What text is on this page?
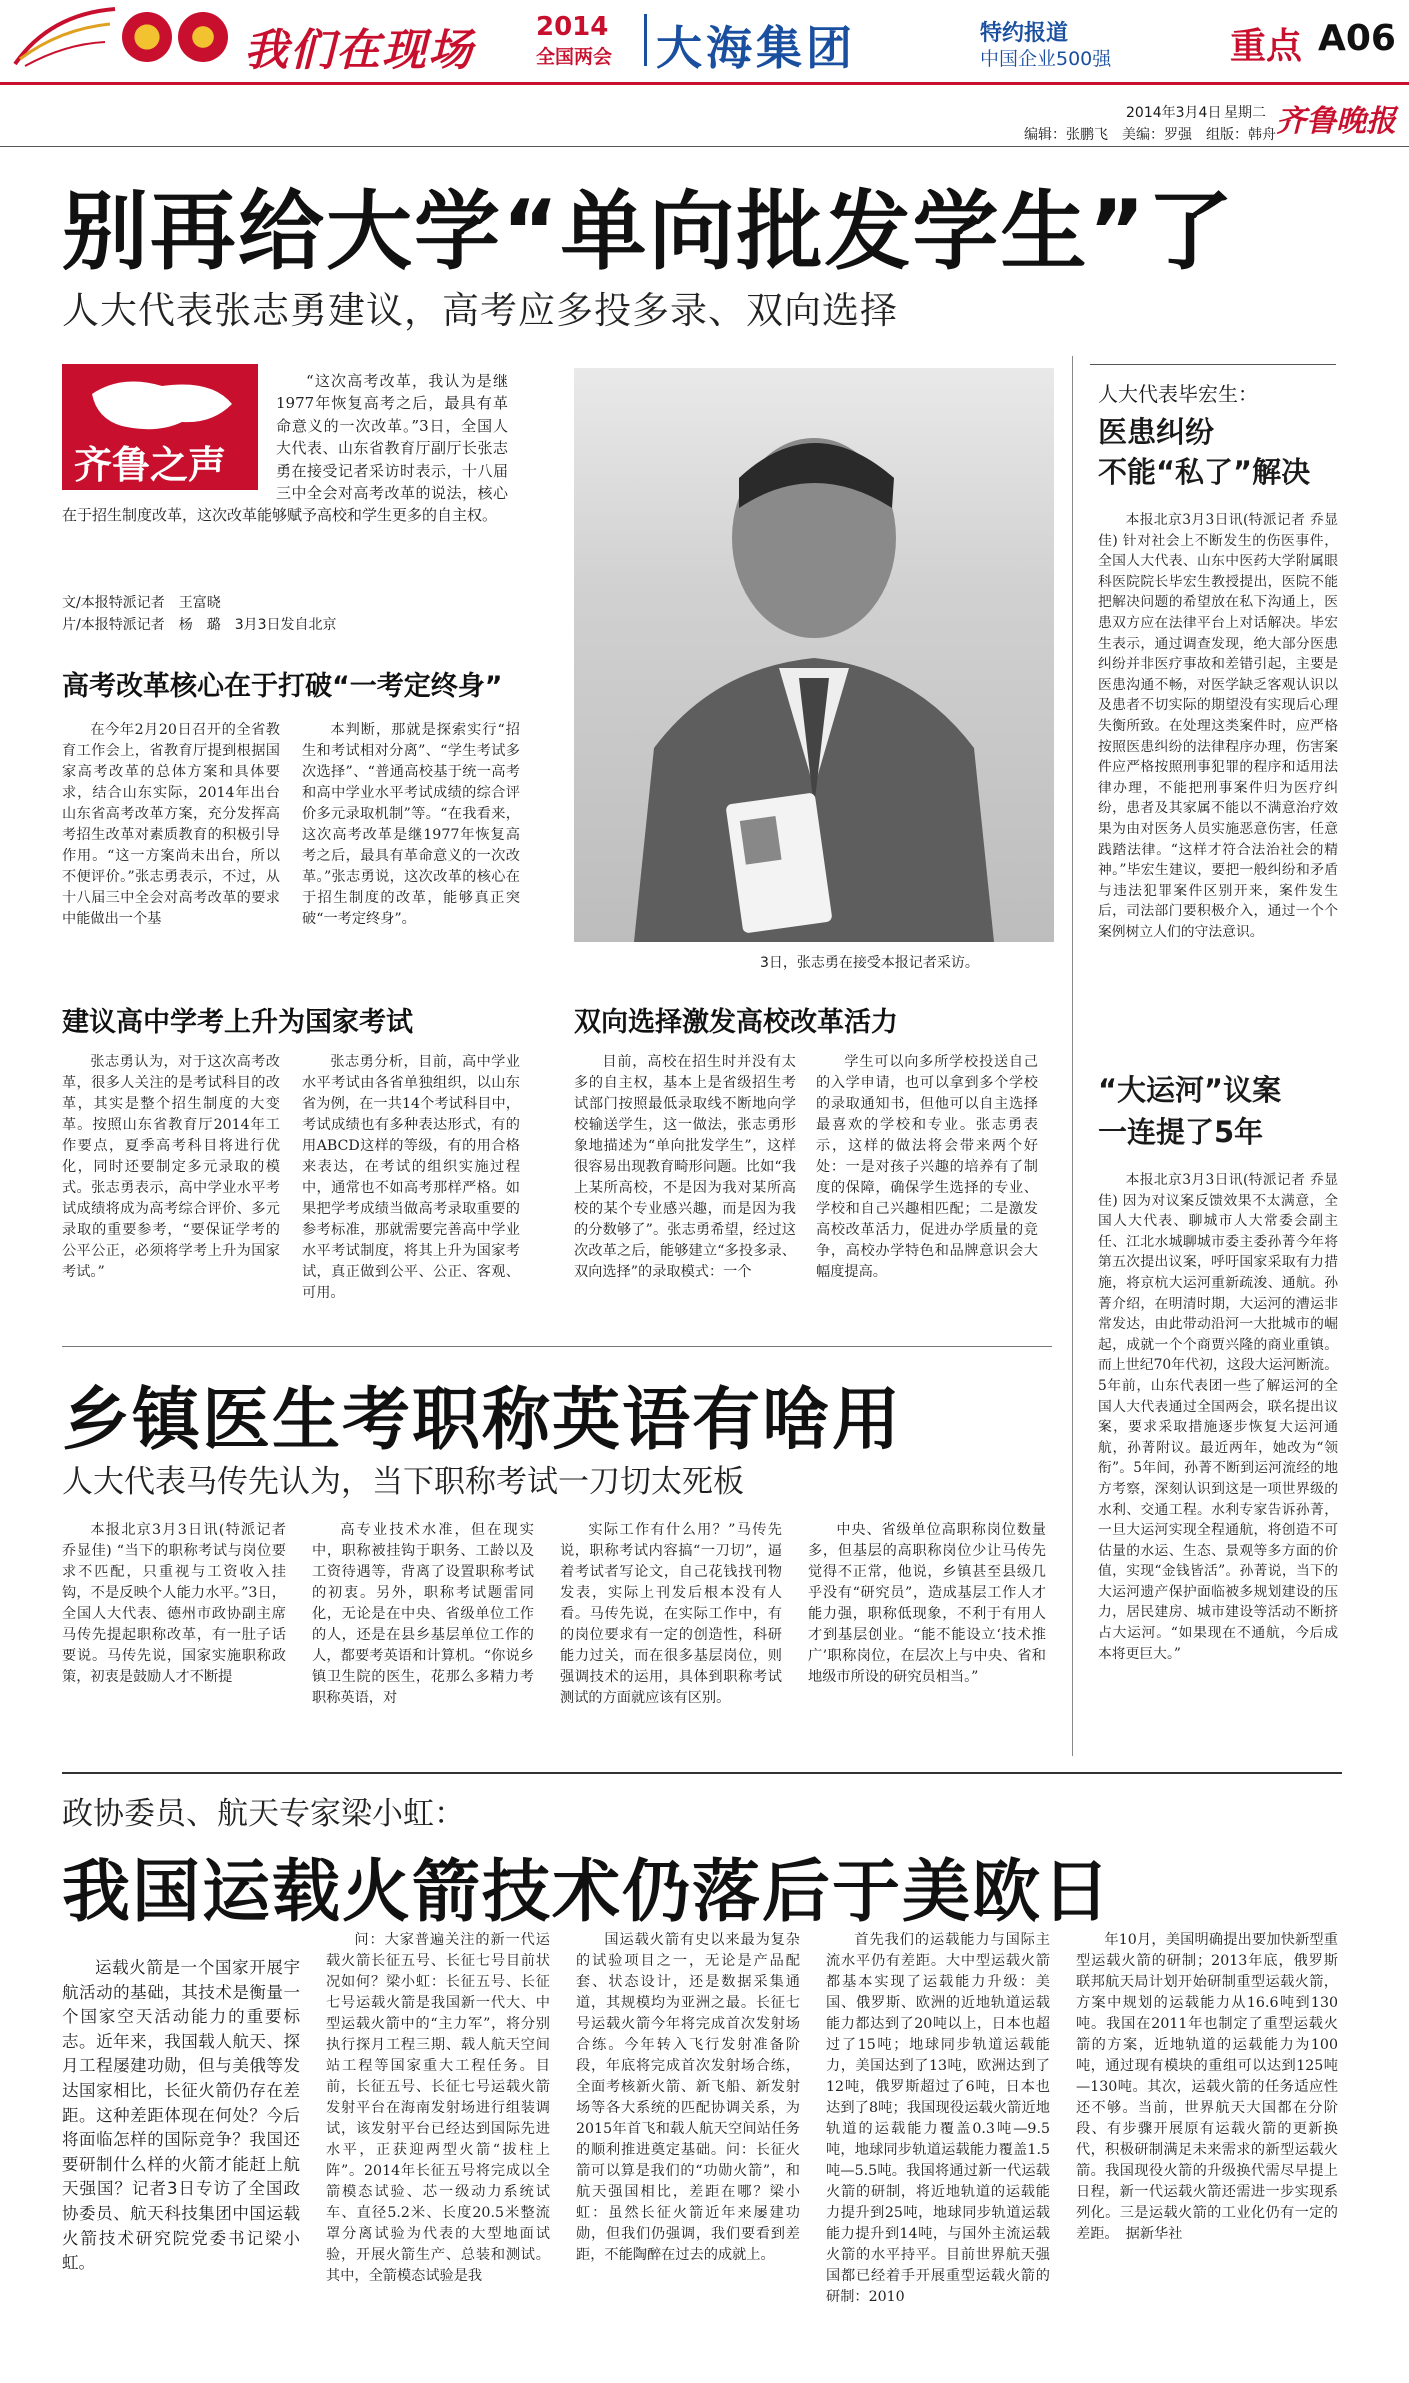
我们在现场 2014
全国两会 大海集团	特约报道
中国企业500强	重点 A06
2014年3月4日 星期二 齐鲁晚报
编辑：张鹏飞　美编：罗强　组版：韩舟
别再给大学“单向批发学生”了
人大代表张志勇建议，高考应多投多录、双向选择
齐鲁之声

“这次高考改革，我认为是继1977年恢复高考之后，最具有革命意义的一次改革。”3日，全国人大代表、山东省教育厅副厅长张志勇在接受记者采访时表示，十八届三中全会对高考改革的说法，核心在于招生制度改革，这次改革能够赋予高校和学生更多的自主权。

文/本报特派记者　王富晓
片/本报特派记者　杨　璐　3月3日发自北京
3日，张志勇在接受本报记者采访。
高考改革核心在于打破“一考定终身”

在今年2月20日召开的全省教育工作会上，省教育厅提到根据国家高考改革的总体方案和具体要求，结合山东实际，2014年出台山东省高考改革方案，充分发挥高考招生改革对素质教育的积极引导作用。“这一方案尚未出台，所以不便评价。”张志勇表示，不过，从十八届三中全会对高考改革的要求中能做出一个基

本判断，那就是探索实行“招生和考试相对分离”、“学生考试多次选择”、“普通高校基于统一高考和高中学业水平考试成绩的综合评价多元录取机制”等。“在我看来，这次高考改革是继1977年恢复高考之后，最具有革命意义的一次改革。”张志勇说，这次改革的核心在于招生制度的改革，能够真正突破“一考定终身”。

建议高中学考上升为国家考试

张志勇认为，对于这次高考改革，很多人关注的是考试科目的改革，其实是整个招生制度的大变革。按照山东省教育厅2014年工作要点，夏季高考科目将进行优化，同时还要制定多元录取的模式。张志勇表示，高中学业水平考试成绩将成为高考综合评价、多元录取的重要参考，“要保证学考的公平公正，必须将学考上升为国家考试。”

张志勇分析，目前，高中学业水平考试由各省单独组织，以山东省为例，在一共14个考试科目中，考试成绩也有多种表达形式，有的用ABCD这样的等级，有的用合格来表达，在考试的组织实施过程中，通常也不如高考那样严格。如果把学考成绩当做高考录取重要的参考标准，那就需要完善高中学业水平考试制度，将其上升为国家考试，真正做到公平、公正、客观、可用。

双向选择激发高校改革活力

目前，高校在招生时并没有太多的自主权，基本上是省级招生考试部门按照最低录取线不断地向学校输送学生，这一做法，张志勇形象地描述为“单向批发学生”，这样很容易出现教育畸形问题。比如“我上某所高校，不是因为我对某所高校的某个专业感兴趣，而是因为我的分数够了”。张志勇希望，经过这次改革之后，能够建立“多投多录、双向选择”的录取模式：一个

学生可以向多所学校投送自己的入学申请，也可以拿到多个学校的录取通知书，但他可以自主选择最喜欢的学校和专业。张志勇表示，这样的做法将会带来两个好处：一是对孩子兴趣的培养有了制度的保障，确保学生选择的专业、学校和自己兴趣相匹配；二是激发高校改革活力，促进办学质量的竞争，高校办学特色和品牌意识会大幅度提高。

人大代表毕宏生：
医患纠纷
不能“私了”解决

本报北京3月3日讯(特派记者 乔显佳) 针对社会上不断发生的伤医事件，全国人大代表、山东中医药大学附属眼科医院院长毕宏生教授提出，医院不能把解决问题的希望放在私下沟通上，医患双方应在法律平台上对话解决。毕宏生表示，通过调查发现，绝大部分医患纠纷并非医疗事故和差错引起，主要是医患沟通不畅，对医学缺乏客观认识以及患者不切实际的期望没有实现后心理失衡所致。在处理这类案件时，应严格按照医患纠纷的法律程序办理，伤害案件应严格按照刑事犯罪的程序和适用法律办理，不能把刑事案件归为医疗纠纷，患者及其家属不能以不满意治疗效果为由对医务人员实施恶意伤害，任意践踏法律。“这样才符合法治社会的精神。”毕宏生建议，要把一般纠纷和矛盾与违法犯罪案件区别开来，案件发生后，司法部门要积极介入，通过一个个案例树立人们的守法意识。

“大运河”议案
一连提了5年

本报北京3月3日讯(特派记者 乔显佳) 因为对议案反馈效果不太满意，全国人大代表、聊城市人大常委会副主任、江北水城聊城市委主委孙菁今年将第五次提出议案，呼吁国家采取有力措施，将京杭大运河重新疏浚、通航。孙菁介绍，在明清时期，大运河的漕运非常发达，由此带动沿河一大批城市的崛起，成就一个个商贾兴隆的商业重镇。而上世纪70年代初，这段大运河断流。5年前，山东代表团一些了解运河的全国人大代表通过全国两会，联名提出议案，要求采取措施逐步恢复大运河通航，孙菁附议。最近两年，她改为“领衔”。5年间，孙菁不断到运河流经的地方考察，深刻认识到这是一项世界级的水利、交通工程。水利专家告诉孙菁，一旦大运河实现全程通航，将创造不可估量的水运、生态、景观等多方面的价值，实现“金钱皆活”。孙菁说，当下的大运河遗产保护面临被多规划建设的压力，居民建房、城市建设等活动不断挤占大运河。“如果现在不通航，今后成本将更巨大。”

乡镇医生考职称英语有啥用
人大代表马传先认为，当下职称考试一刀切太死板

本报北京3月3日讯(特派记者 乔显佳) “当下的职称考试与岗位要求不匹配，只重视与工资收入挂钩，不是反映个人能力水平。”3日，全国人大代表、德州市政协副主席马传先提起职称改革，有一肚子话要说。马传先说，国家实施职称政策，初衷是鼓励人才不断提

高专业技术水准，但在现实中，职称被挂钩于职务、工龄以及工资待遇等，背离了设置职称考试的初衷。另外，职称考试题雷同化，无论是在中央、省级单位工作的人，还是在县乡基层单位工作的人，都要考英语和计算机。“你说乡镇卫生院的医生，花那么多精力考职称英语，对

实际工作有什么用？”马传先说，职称考试内容搞“一刀切”，逼着考试者写论文，自己花钱找刊物发表，实际上刊发后根本没有人看。马传先说，在实际工作中，有的岗位要求有一定的创造性，科研能力过关，而在很多基层岗位，则强调技术的运用，具体到职称考试测试的方面就应该有区别。

中央、省级单位高职称岗位数量多，但基层的高职称岗位少让马传先觉得不正常，他说，乡镇甚至县级几乎没有“研究员”，造成基层工作人才能力强，职称低现象，不利于有用人才到基层创业。“能不能设立‘技术推广’职称岗位，在层次上与中央、省和地级市所设的研究员相当。”

政协委员、航天专家梁小虹：
我国运载火箭技术仍落后于美欧日

运载火箭是一个国家开展宇航活动的基础，其技术是衡量一个国家空天活动能力的重要标志。近年来，我国载人航天、探月工程屡建功勋，但与美俄等发达国家相比，长征火箭仍存在差距。这种差距体现在何处？今后将面临怎样的国际竞争？我国还要研制什么样的火箭才能赶上航天强国？记者3日专访了全国政协委员、航天科技集团中国运载火箭技术研究院党委书记梁小虹。

问：大家普遍关注的新一代运载火箭长征五号、长征七号目前状况如何？梁小虹：长征五号、长征七号运载火箭是我国新一代大、中型运载火箭中的“主力军”，将分别执行探月工程三期、载人航天空间站工程等国家重大工程任务。目前，长征五号、长征七号运载火箭发射平台在海南发射场进行组装调试，该发射平台已经达到国际先进水平，正获迎两型火箭“拔柱上阵”。2014年长征五号将完成以全箭模态试验、芯一级动力系统试车、直径5.2米、长度20.5米整流罩分离试验为代表的大型地面试验，开展火箭生产、总装和测试。其中，全箭模态试验是我

国运载火箭有史以来最为复杂的试验项目之一，无论是产品配套、状态设计，还是数据采集通道，其规模均为亚洲之最。长征七号运载火箭今年将完成首次发射场合练。今年转入飞行发射准备阶段，年底将完成首次发射场合练，全面考核新火箭、新飞船、新发射场等各大系统的匹配协调关系，为2015年首飞和载人航天空间站任务的顺利推进奠定基础。问：长征火箭可以算是我们的“功勋火箭”，和航天强国相比，差距在哪？梁小虹：虽然长征火箭近年来屡建功勋，但我们仍强调，我们要看到差距，不能陶醉在过去的成就上。

首先我们的运载能力与国际主流水平仍有差距。大中型运载火箭都基本实现了运载能力升级：美国、俄罗斯、欧洲的近地轨道运载能力都达到了20吨以上，日本也超过了15吨；地球同步轨道运载能力，美国达到了13吨，欧洲达到了12吨，俄罗斯超过了6吨，日本也达到了8吨；我国现役运载火箭近地轨道的运载能力覆盖0.3吨—9.5吨，地球同步轨道运载能力覆盖1.5吨—5.5吨。我国将通过新一代运载火箭的研制，将近地轨道的运载能力提升到25吨，地球同步轨道运载能力提升到14吨，与国外主流运载火箭的水平持平。目前世界航天强国都已经着手开展重型运载火箭的研制：2010

年10月，美国明确提出要加快新型重型运载火箭的研制；2013年底，俄罗斯联邦航天局计划开始研制重型运载火箭，方案中规划的运载能力从16.6吨到130吨。我国在2011年也制定了重型运载火箭的方案，近地轨道的运载能力为100吨，通过现有模块的重组可以达到125吨—130吨。其次，运载火箭的任务适应性还不够。当前，世界航天大国都在分阶段、有步骤开展原有运载火箭的更新换代，积极研制满足未来需求的新型运载火箭。我国现役火箭的升级换代需尽早提上日程，新一代运载火箭还需进一步实现系列化。三是运载火箭的工业化仍有一定的差距。　据新华社
